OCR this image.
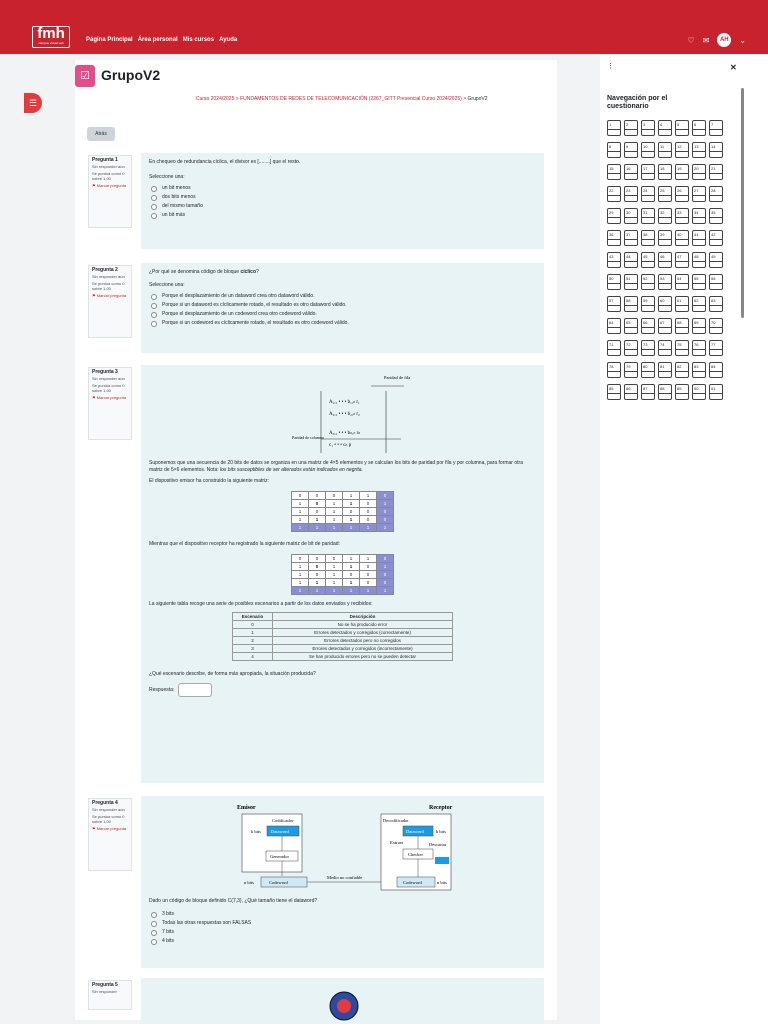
fmh
campus virtual uah	Página Principal Área personal Mis cursos Ayuda	♡ ✉	AH	⌄
☰
☑ GrupoV2
Curso 2024/2025 > FUNDAMENTOS DE REDES DE TELECOMUNICACIÓN (2267_GITT Presencial Curso 2024/2025) > GrupoV2
Atrás
Pregunta 1
Sin responder aún
Se puntúa como 0 sobre 1,00
⚑ Marcar pregunta
Pregunta 2
Sin responder aún
Se puntúa como 0 sobre 1,00
⚑ Marcar pregunta
Pregunta 3
Sin responder aún
Se puntúa como 0 sobre 1,00
⚑ Marcar pregunta
Pregunta 4
Sin responder aún
Se puntúa como 0 sobre 1,00
⚑ Marcar pregunta
Pregunta 5
Sin responder

En chequeo de redundancia cíclica, el divisor es [........] que el resto.

Seleccione una:

un bit menos
dos bits menos
del mismo tamaño
un bit más

¿Por qué se denomina código de bloque cíclico?

Seleccione una:

Porque el desplazamiento de un dataword crea otro dataword válido.
Porque si un dataword es cíclicamente rotado, el resultado es otro dataword válido.
Porque el desplazamiento de un codeword crea otro codeword válido.
Porque si un codeword es cíclicamente rotado, el resultado es otro codeword válido.
Paridad de fila
A₁,₁ • • • b₁,ₙ r₁
A₂,₁ • • • b₂,ₙ r₂
A₃,₁ • • • bₙ,ₙ rₙ
c₁ • • • cₙ p
Paridad de columna

Suponemos que una secuencia de 20 bits de datos se organiza en una matriz de 4×5 elementos y se calculan los bits de paridad por fila y por columna, para formar otra matriz de 5×6 elementos. Nota: los bits susceptibles de ser alterados están indicados en negrita.

El dispositivo emisor ha construido la siguiente matriz:

0	0	0	1	1	0
1	0	1	1	0	1
1	0	1	0	0	0
1	1	1	1	0	0
1	1	1	1	1	1

Mientras que el dispositivo receptor ha registrado la siguiente matriz de bit de paridad:

0	0	0	1	1	0
1	0	1	1	0	1
1	0	1	0	0	0
1	1	1	1	0	0
1	1	1	1	1	1

La siguiente tabla recoge una serie de posibles escenarios a partir de los datos enviados y recibidos:

Escenario	Descripción
0	No se ha producido error
1	Errores detectados y corregidos (correctamente)
2	Errores detectados pero no corregidos
3	Errores detectados y corregidos (incorrectamente)
4	Se han producido errores pero no se pueden detectar

¿Qué escenario describe, de forma más apropiada, la situación producida?

Respuesta:
Emisor	Receptor
Codificador
k bits Dataword
Generador
n bits	Codeword
Medio no confiable
Decodificador
Dataword	k bits
Extraer	Descartar
Checker
Codeword	n bits

Dado un código de bloque definido C(7,3), ¿Qué tamaño tiene el dataword?

3 bits
Todas las otras respuestas son FALSAS
7 bits
4 bits
✕
⋮
Navegación por el cuestionario
1	2	3	4	5	6	7
8	9	10	11	12	13	14
15	16	17	18	19	20	21
22	23	24	25	26	27	28
29	30	31	32	33	34	35
36	37	38	39	40	41	42
43	44	45	46	47	48	49
50	51	52	53	54	55	56
57	58	59	60	61	62	63
64	65	66	67	68	69	70
71	72	73	74	75	76	77
78	79	80	81	82	83	84
85	86	87	88	89	90	91
